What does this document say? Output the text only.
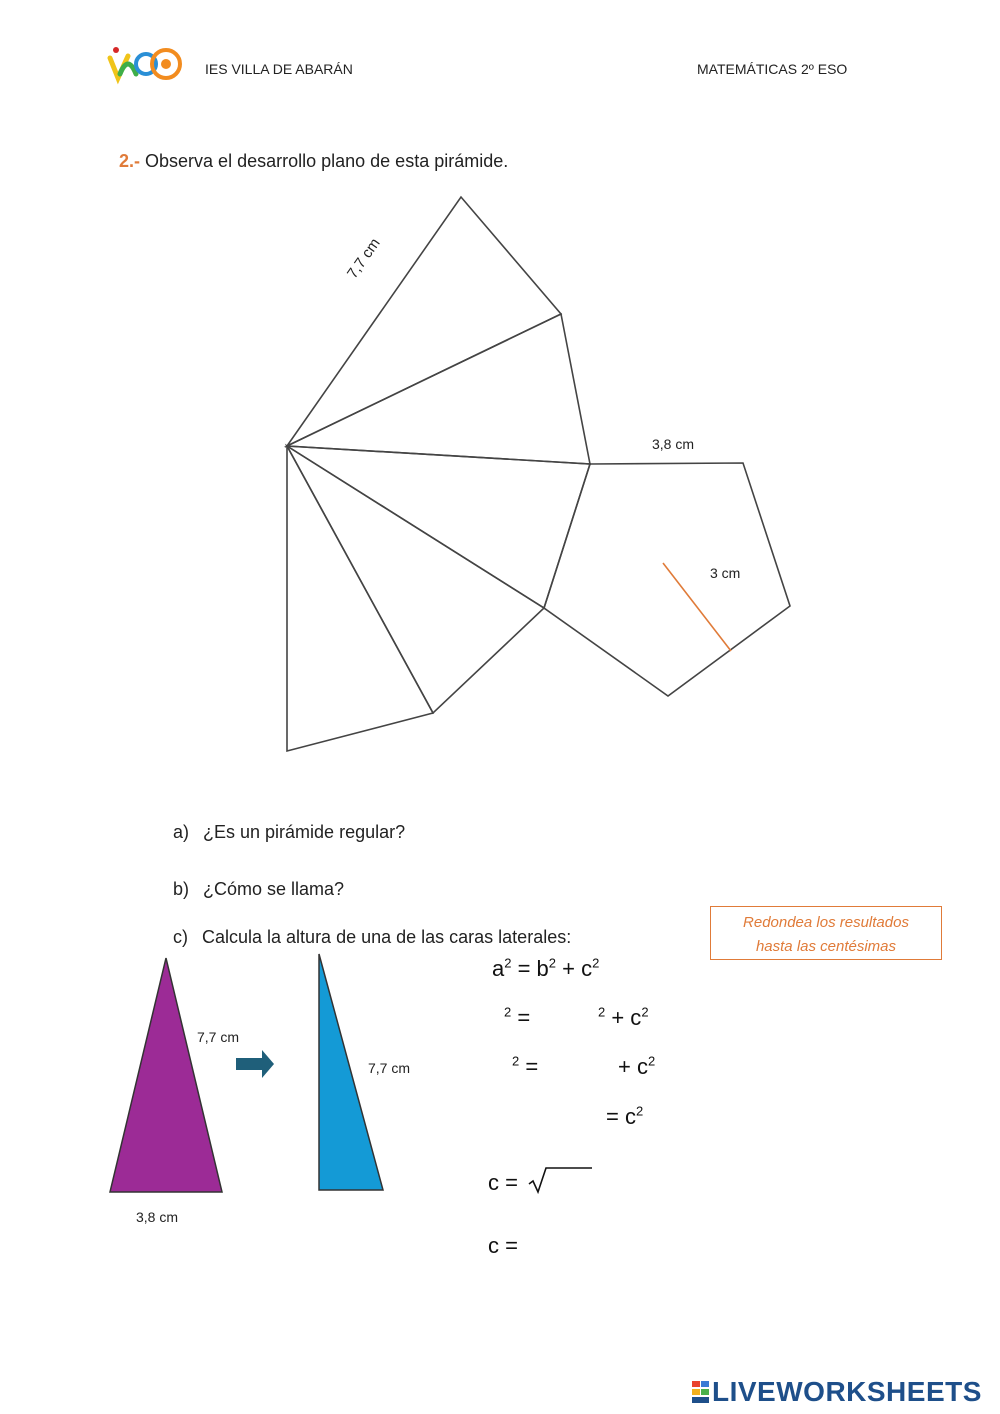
IES VILLA DE ABARÁN	MATEMÁTICAS 2º ESO
2.- Observa el desarrollo plano de esta pirámide.
7,7 cm
3,8 cm
3 cm
a) ¿Es un pirámide regular?
b) ¿Cómo se llama?
c) Calcula la altura de una de las caras laterales:
Redondea los resultados
hasta las centésimas
7,7 cm
3,8 cm
7,7 cm
$a^2 = b^2 + c^2$
$^2$ =	$^2 + c^2$
$^2$ =	+ $c^2$
= $c^2$
c =
c =
LIVEWORKSHEETS
